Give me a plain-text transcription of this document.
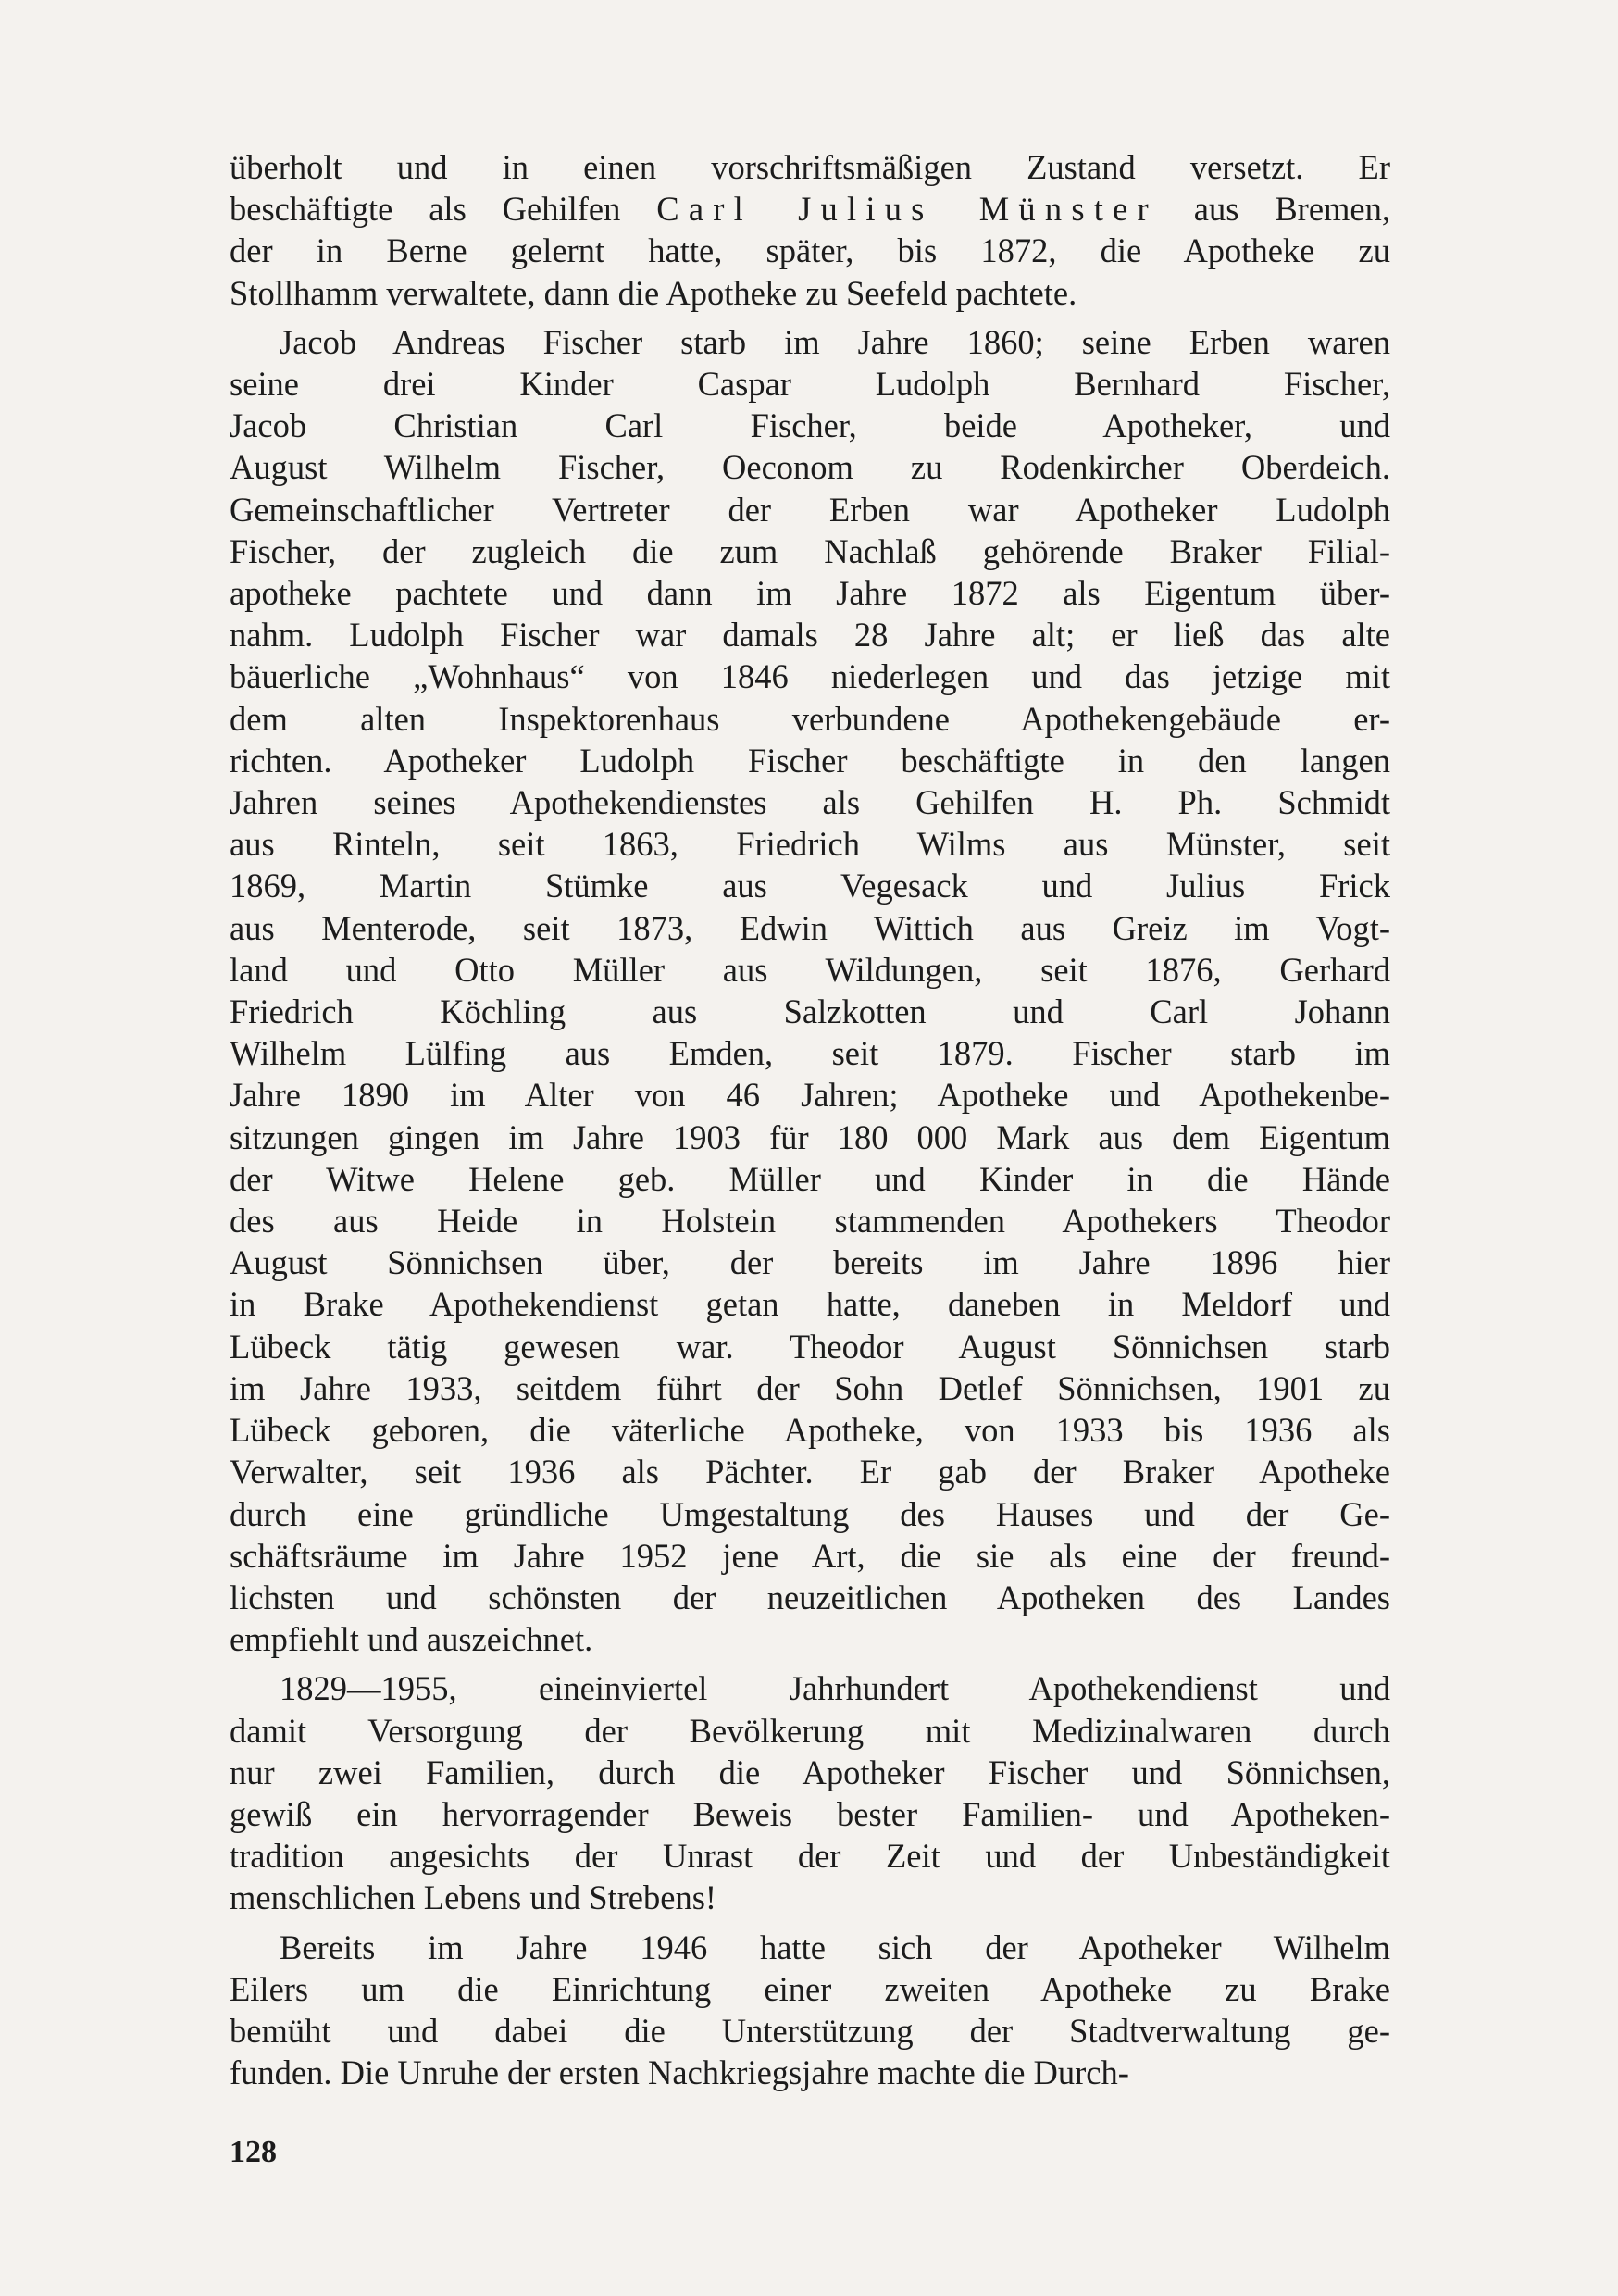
überholt und in einen vorschriftsmäßigen Zustand versetzt. Er
beschäftigte als Gehilfen Carl Julius Münster aus Bremen,
der in Berne gelernt hatte, später, bis 1872, die Apotheke zu
Stollhamm verwaltete, dann die Apotheke zu Seefeld pachtete.
Jacob Andreas Fischer starb im Jahre 1860; seine Erben waren
seine drei Kinder Caspar Ludolph Bernhard Fischer,
Jacob Christian Carl Fischer, beide Apotheker, und
August Wilhelm Fischer, Oeconom zu Rodenkircher Oberdeich.
Gemeinschaftlicher Vertreter der Erben war Apotheker Ludolph
Fischer, der zugleich die zum Nachlaß gehörende Braker Filial-
apotheke pachtete und dann im Jahre 1872 als Eigentum über-
nahm. Ludolph Fischer war damals 28 Jahre alt; er ließ das alte
bäuerliche „Wohnhaus“ von 1846 niederlegen und das jetzige mit
dem alten Inspektorenhaus verbundene Apothekengebäude er-
richten. Apotheker Ludolph Fischer beschäftigte in den langen
Jahren seines Apothekendienstes als Gehilfen H. Ph. Schmidt
aus Rinteln, seit 1863, Friedrich Wilms aus Münster, seit
1869, Martin Stümke aus Vegesack und Julius Frick
aus Menterode, seit 1873, Edwin Wittich aus Greiz im Vogt-
land und Otto Müller aus Wildungen, seit 1876, Gerhard
Friedrich Köchling aus Salzkotten und Carl Johann
Wilhelm Lülfing aus Emden, seit 1879. Fischer starb im
Jahre 1890 im Alter von 46 Jahren; Apotheke und Apothekenbe-
sitzungen gingen im Jahre 1903 für 180 000 Mark aus dem Eigentum
der Witwe Helene geb. Müller und Kinder in die Hände
des aus Heide in Holstein stammenden Apothekers Theodor
August Sönnichsen über, der bereits im Jahre 1896 hier
in Brake Apothekendienst getan hatte, daneben in Meldorf und
Lübeck tätig gewesen war. Theodor August Sönnichsen starb
im Jahre 1933, seitdem führt der Sohn Detlef Sönnichsen, 1901 zu
Lübeck geboren, die väterliche Apotheke, von 1933 bis 1936 als
Verwalter, seit 1936 als Pächter. Er gab der Braker Apotheke
durch eine gründliche Umgestaltung des Hauses und der Ge-
schäftsräume im Jahre 1952 jene Art, die sie als eine der freund-
lichsten und schönsten der neuzeitlichen Apotheken des Landes
empfiehlt und auszeichnet.
1829—1955, eineinviertel Jahrhundert Apothekendienst und
damit Versorgung der Bevölkerung mit Medizinalwaren durch
nur zwei Familien, durch die Apotheker Fischer und Sönnichsen,
gewiß ein hervorragender Beweis bester Familien- und Apotheken-
tradition angesichts der Unrast der Zeit und der Unbeständigkeit
menschlichen Lebens und Strebens!
Bereits im Jahre 1946 hatte sich der Apotheker Wilhelm
Eilers um die Einrichtung einer zweiten Apotheke zu Brake
bemüht und dabei die Unterstützung der Stadtverwaltung ge-
funden. Die Unruhe der ersten Nachkriegsjahre machte die Durch-
128
